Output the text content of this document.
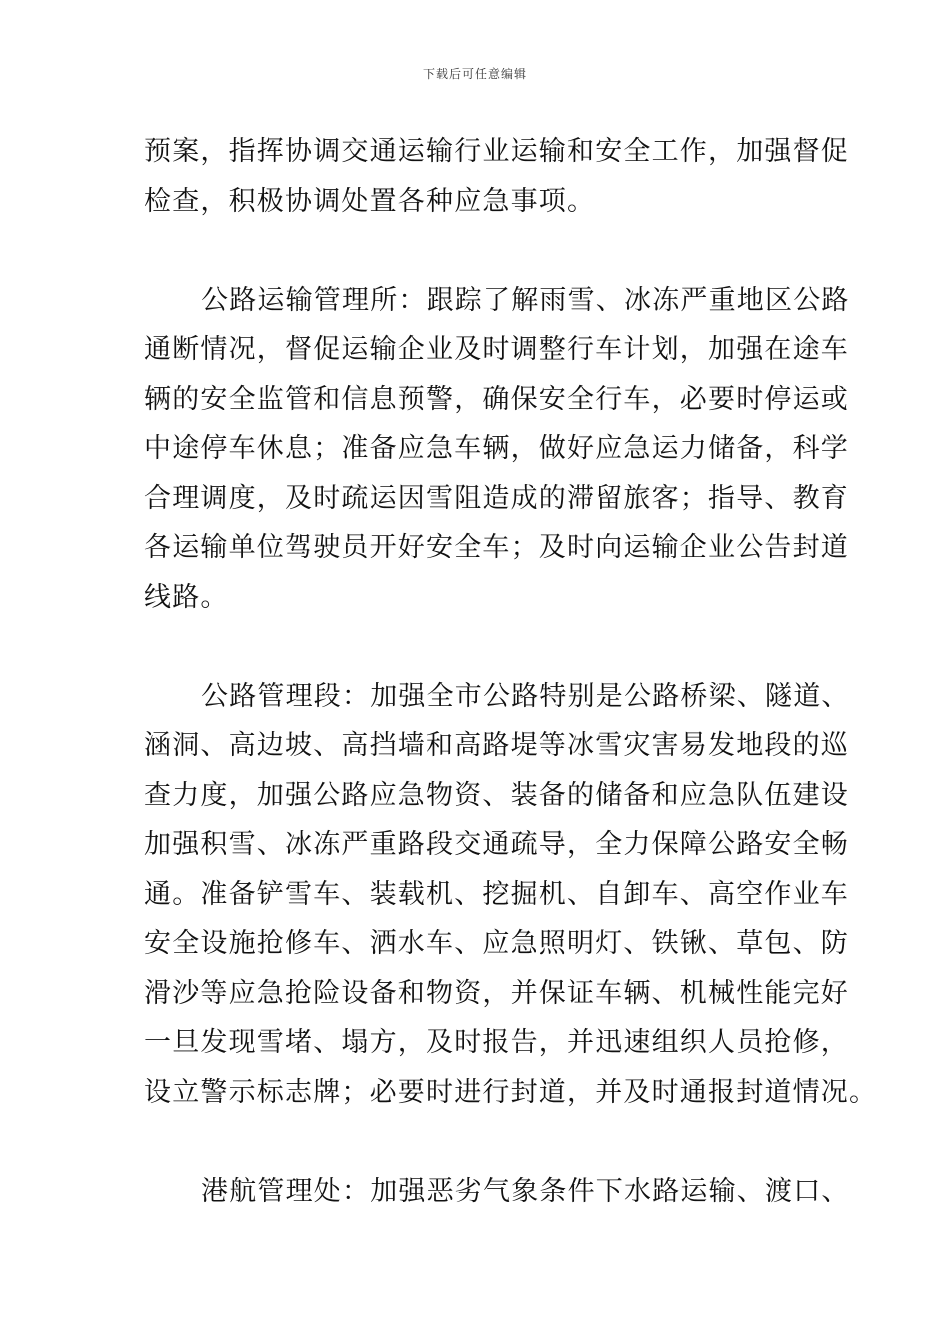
下载后可任意编辑
预案，指挥协调交通运输行业运输和安全工作，加强督促
检查，积极协调处置各种应急事项。
公路运输管理所：跟踪了解雨雪、冰冻严重地区公路
通断情况，督促运输企业及时调整行车计划，加强在途车
辆的安全监管和信息预警，确保安全行车，必要时停运或
中途停车休息；准备应急车辆，做好应急运力储备，科学
合理调度，及时疏运因雪阻造成的滞留旅客；指导、教育
各运输单位驾驶员开好安全车；及时向运输企业公告封道
线路。
公路管理段：加强全市公路特别是公路桥梁、隧道、
涵洞、高边坡、高挡墙和高路堤等冰雪灾害易发地段的巡
查力度，加强公路应急物资、装备的储备和应急队伍建设
加强积雪、冰冻严重路段交通疏导，全力保障公路安全畅
通。准备铲雪车、装载机、挖掘机、自卸车、高空作业车
安全设施抢修车、洒水车、应急照明灯、铁锹、草包、防
滑沙等应急抢险设备和物资，并保证车辆、机械性能完好
一旦发现雪堵、塌方，及时报告，并迅速组织人员抢修，
设立警示标志牌；必要时进行封道，并及时通报封道情况。
港航管理处：加强恶劣气象条件下水路运输、渡口、
